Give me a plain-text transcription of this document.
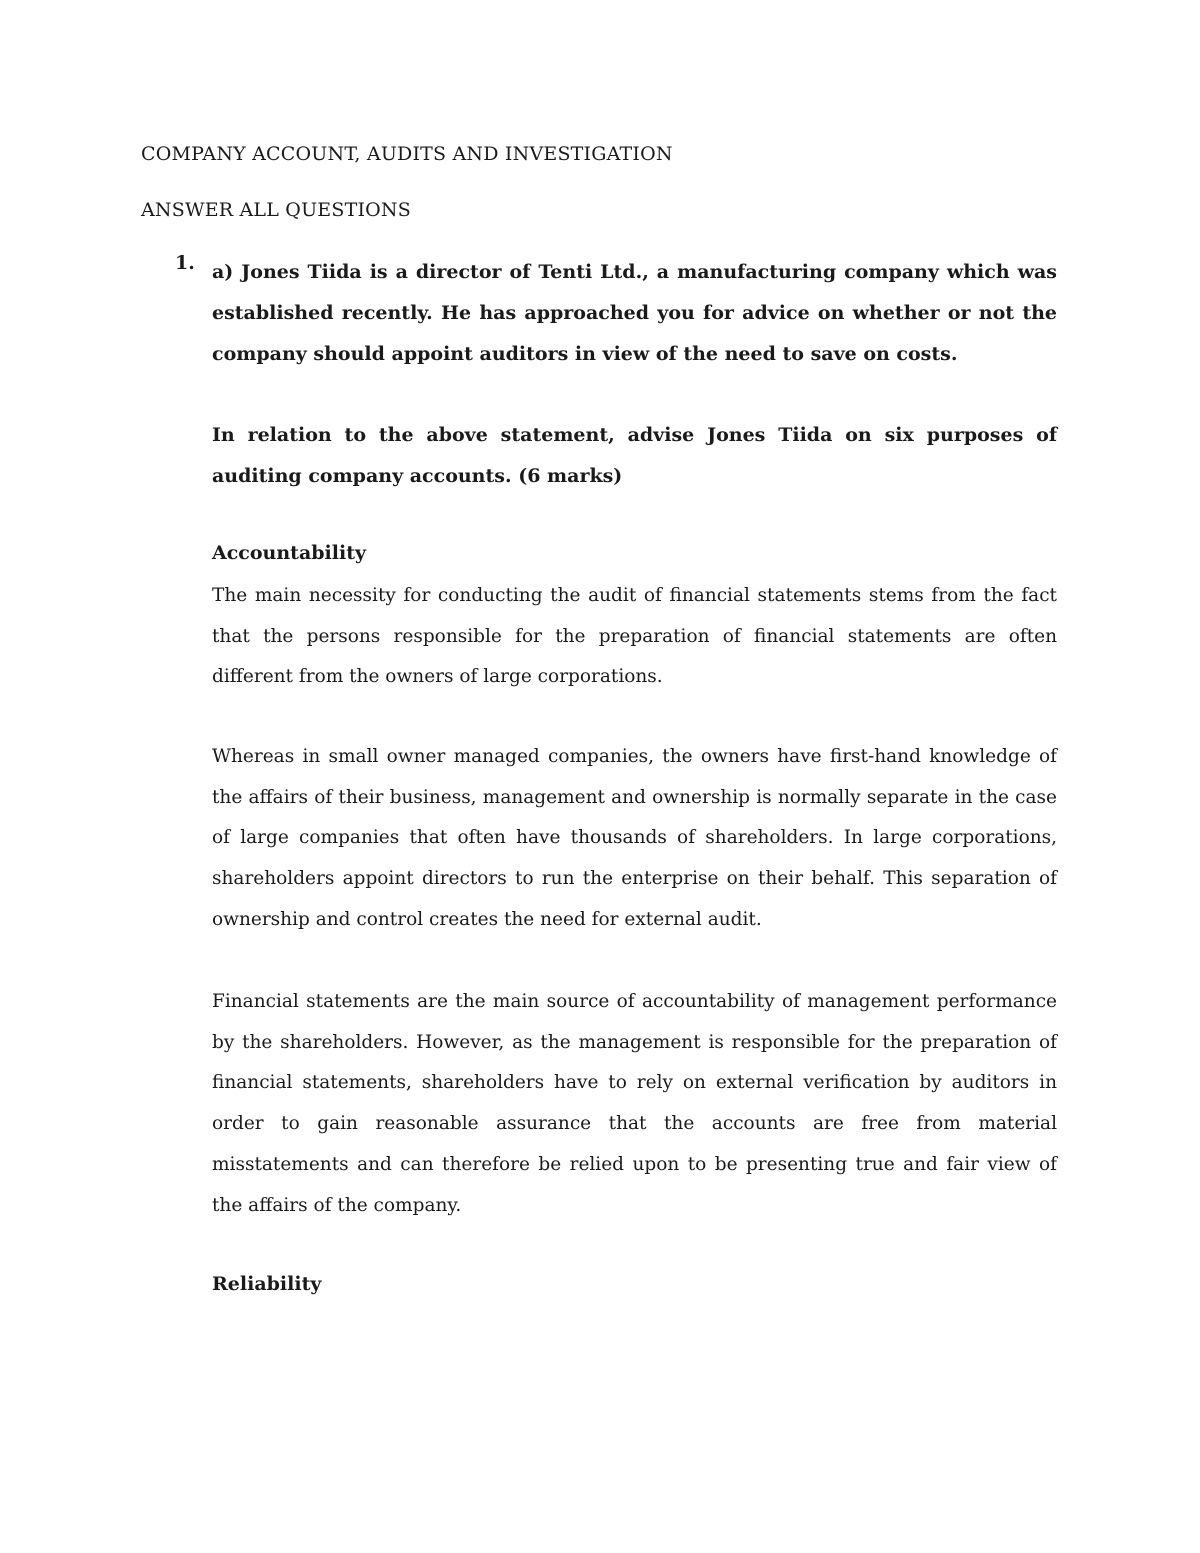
COMPANY ACCOUNT, AUDITS AND INVESTIGATION
ANSWER ALL QUESTIONS
1. a) Jones Tiida is a director of Tenti Ltd., a manufacturing company which was established recently. He has approached you for advice on whether or not the company should appoint auditors in view of the need to save on costs.
In relation to the above statement, advise Jones Tiida on six purposes of auditing company accounts. (6 marks)
Accountability
The main necessity for conducting the audit of financial statements stems from the fact that the persons responsible for the preparation of financial statements are often different from the owners of large corporations.
Whereas in small owner managed companies, the owners have first-hand knowledge of the affairs of their business, management and ownership is normally separate in the case of large companies that often have thousands of shareholders. In large corporations, shareholders appoint directors to run the enterprise on their behalf. This separation of ownership and control creates the need for external audit.
Financial statements are the main source of accountability of management performance by the shareholders. However, as the management is responsible for the preparation of financial statements, shareholders have to rely on external verification by auditors in order to gain reasonable assurance that the accounts are free from material misstatements and can therefore be relied upon to be presenting true and fair view of the affairs of the company.
Reliability
